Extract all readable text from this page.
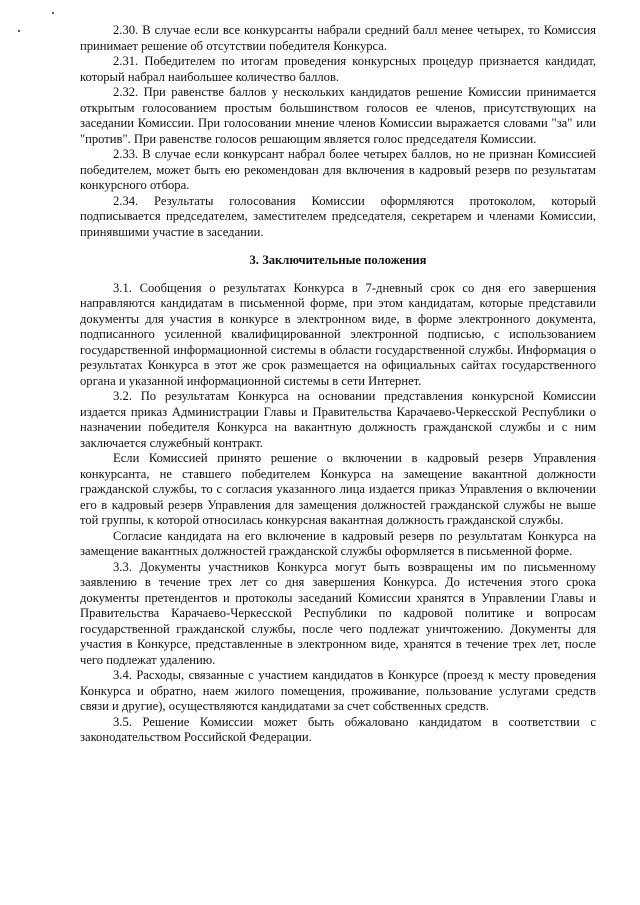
2.30. В случае если все конкурсанты набрали средний балл менее четырех, то Комиссия принимает решение об отсутствии победителя Конкурса.

2.31. Победителем по итогам проведения конкурсных процедур признается кандидат, который набрал наибольшее количество баллов.

2.32. При равенстве баллов у нескольких кандидатов решение Комиссии принимается открытым голосованием простым большинством голосов ее членов, присутствующих на заседании Комиссии. При голосовании мнение членов Комиссии выражается словами "за" или "против". При равенстве голосов решающим является голос председателя Комиссии.

2.33. В случае если конкурсант набрал более четырех баллов, но не признан Комиссией победителем, может быть ею рекомендован для включения в кадровый резерв по результатам конкурсного отбора.

2.34. Результаты голосования Комиссии оформляются протоколом, который подписывается председателем, заместителем председателя, секретарем и членами Комиссии, принявшими участие в заседании.

3. Заключительные положения

3.1. Сообщения о результатах Конкурса в 7-дневный срок со дня его завершения направляются кандидатам в письменной форме, при этом кандидатам, которые представили документы для участия в конкурсе в электронном виде, в форме электронного документа, подписанного усиленной квалифицированной электронной подписью, с использованием государственной информационной системы в области государственной службы. Информация о результатах Конкурса в этот же срок размещается на официальных сайтах государственного органа и указанной информационной системы в сети Интернет.

3.2. По результатам Конкурса на основании представления конкурсной Комиссии издается приказ Администрации Главы и Правительства Карачаево-Черкесской Республики о назначении победителя Конкурса на вакантную должность гражданской службы и с ним заключается служебный контракт.

Если Комиссией принято решение о включении в кадровый резерв Управления конкурсанта, не ставшего победителем Конкурса на замещение вакантной должности гражданской службы, то с согласия указанного лица издается приказ Управления о включении его в кадровый резерв Управления для замещения должностей гражданской службы не выше той группы, к которой относилась конкурсная вакантная должность гражданской службы.

Согласие кандидата на его включение в кадровый резерв по результатам Конкурса на замещение вакантных должностей гражданской службы оформляется в письменной форме.

3.3. Документы участников Конкурса могут быть возвращены им по письменному заявлению в течение трех лет со дня завершения Конкурса. До истечения этого срока документы претендентов и протоколы заседаний Комиссии хранятся в Управлении Главы и Правительства Карачаево-Черкесской Республики по кадровой политике и вопросам государственной гражданской службы, после чего подлежат уничтожению. Документы для участия в Конкурсе, представленные в электронном виде, хранятся в течение трех лет, после чего подлежат удалению.

3.4. Расходы, связанные с участием кандидатов в Конкурсе (проезд к месту проведения Конкурса и обратно, наем жилого помещения, проживание, пользование услугами средств связи и другие), осуществляются кандидатами за счет собственных средств.

3.5. Решение Комиссии может быть обжаловано кандидатом в соответствии с законодательством Российской Федерации.
